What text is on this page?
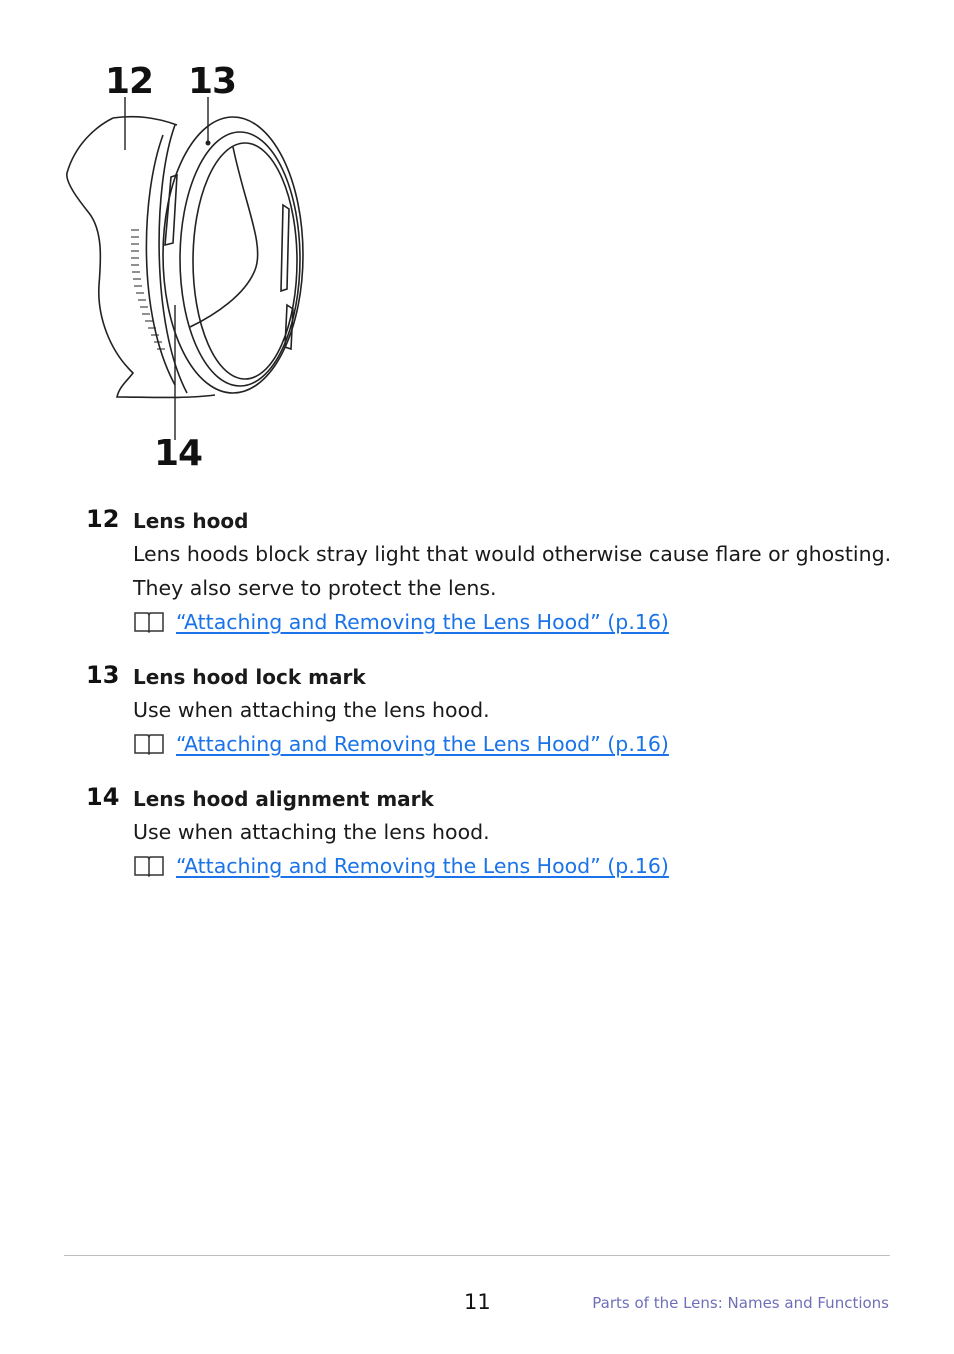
12 13
14
12 Lens hood
Lens hoods block stray light that would otherwise cause flare or ghosting. They also serve to protect the lens.
“Attaching and Removing the Lens Hood” (p.16)
13 Lens hood lock mark
Use when attaching the lens hood.
“Attaching and Removing the Lens Hood” (p.16)
14 Lens hood alignment mark
Use when attaching the lens hood.
“Attaching and Removing the Lens Hood” (p.16)
11	Parts of the Lens: Names and Functions
